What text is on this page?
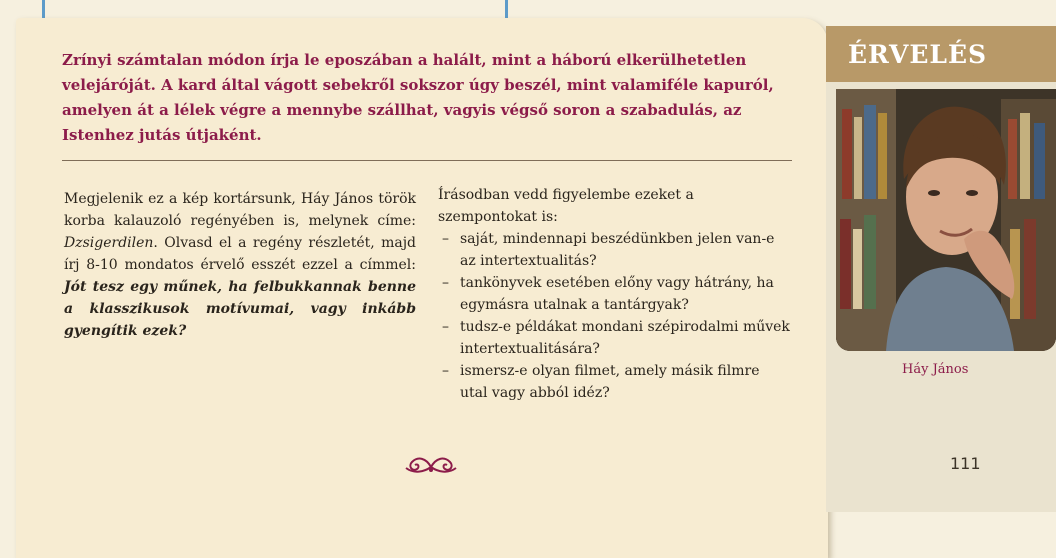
Zrínyi számtalan módon írja le eposzában a halált, mint a háború elkerülhetetlen velejáróját. A kard által vágott sebekről sokszor úgy beszél, mint valamiféle kapuról, amelyen át a lélek végre a mennybe szállhat, vagyis végső soron a szabadulás, az Istenhez jutás útjaként.

Megjelenik ez a kép kortársunk, Háy János török korba kalauzoló regényében is, melynek címe: Dzsigerdilen. Olvasd el a regény részletét, majd írj 8-10 mondatos érvelő esszét ezzel a címmel: Jót tesz egy műnek, ha felbukkannak benne a klasszikusok motívumai, vagy inkább gyengítik ezek?
Írásodban vedd figyelembe ezeket a szempontokat is:
– saját, mindennapi beszédünkben jelen van-e az intertextualitás?
– tankönyvek esetében előny vagy hátrány, ha egymásra utalnak a tantárgyak?
– tudsz-e példákat mondani szépirodalmi művek intertextualitására?
– ismersz-e olyan filmet, amely másik filmre utal vagy abból idéz?
ÉRVELÉS
Háy János
111
